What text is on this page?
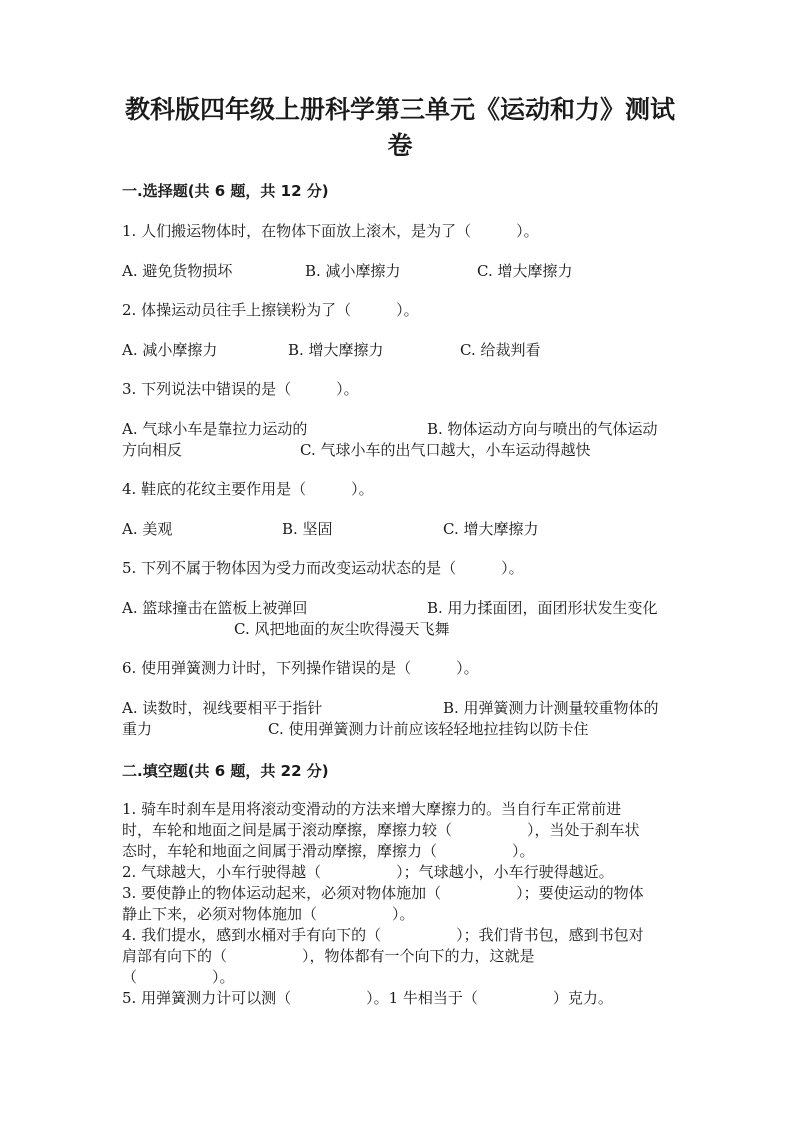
教科版四年级上册科学第三单元《运动和力》测试
卷
一.选择题(共 6 题，共 12 分)
1. 人们搬运物体时，在物体下面放上滚木，是为了（　　　）。
A. 避免货物损坏	B. 减小摩擦力	C. 增大摩擦力
2. 体操运动员往手上擦镁粉为了（　　　）。
A. 减小摩擦力	B. 增大摩擦力	C. 给裁判看
3. 下列说法中错误的是（　　　）。
A. 气球小车是靠拉力运动的	B. 物体运动方向与喷出的气体运动
方向相反	C. 气球小车的出气口越大，小车运动得越快
4. 鞋底的花纹主要作用是（　　　）。
A. 美观	B. 坚固	C. 增大摩擦力
5. 下列不属于物体因为受力而改变运动状态的是（　　　）。
A. 篮球撞击在篮板上被弹回	B. 用力揉面团，面团形状发生变化
C. 风把地面的灰尘吹得漫天飞舞
6. 使用弹簧测力计时，下列操作错误的是（　　　）。
A. 读数时，视线要相平于指针	B. 用弹簧测力计测量较重物体的
重力	C. 使用弹簧测力计前应该轻轻地拉挂钩以防卡住
二.填空题(共 6 题，共 22 分)
1. 骑车时刹车是用将滚动变滑动的方法来增大摩擦力的。当自行车正常前进
时，车轮和地面之间是属于滚动摩擦，摩擦力较（　　　　　），当处于刹车状
态时，车轮和地面之间属于滑动摩擦，摩擦力（　　　　　）。
2. 气球越大，小车行驶得越（　　　　　）；气球越小，小车行驶得越近。
3. 要使静止的物体运动起来，必须对物体施加（　　　　　）；要使运动的物体
静止下来，必须对物体施加（　　　　　）。
4. 我们提水，感到水桶对手有向下的（　　　　　）；我们背书包，感到书包对
肩部有向下的（　　　　　），物体都有一个向下的力，这就是
（　　　　　）。
5. 用弹簧测力计可以测（　　　　　）。1 牛相当于（　　　　　）克力。
